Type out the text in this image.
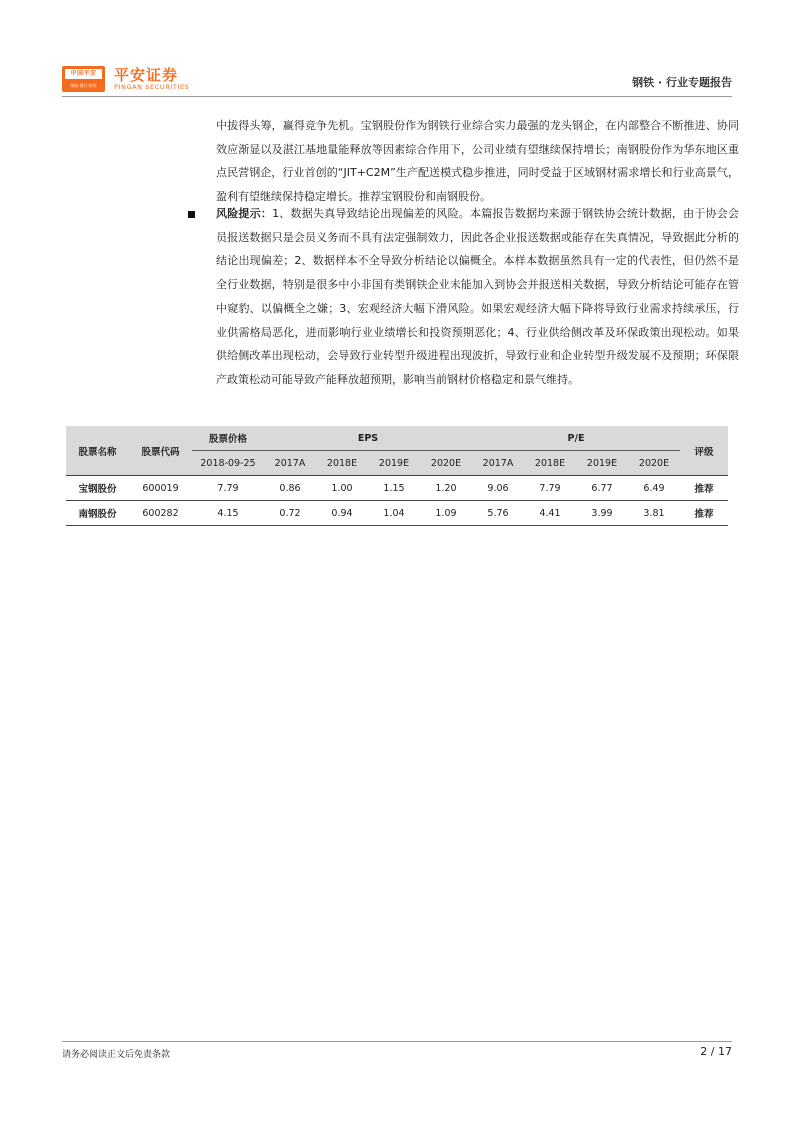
中国平安
保险·银行·投资
平安证券
PINGAN SECURITIES	钢铁 · 行业专题报告
中拔得头筹，赢得竞争先机。宝钢股份作为钢铁行业综合实力最强的龙头钢企，在内部整合不断推进、协同效应渐显以及湛江基地量能释放等因素综合作用下，公司业绩有望继续保持增长；南钢股份作为华东地区重点民营钢企，行业首创的“JIT+C2M”生产配送模式稳步推进，同时受益于区域钢材需求增长和行业高景气，盈利有望继续保持稳定增长。推荐宝钢股份和南钢股份。
风险提示：1、数据失真导致结论出现偏差的风险。本篇报告数据均来源于钢铁协会统计数据，由于协会会员报送数据只是会员义务而不具有法定强制效力，因此各企业报送数据或能存在失真情况，导致据此分析的结论出现偏差；2、数据样本不全导致分析结论以偏概全。本样本数据虽然具有一定的代表性，但仍然不是全行业数据，特别是很多中小非国有类钢铁企业未能加入到协会并报送相关数据，导致分析结论可能存在管中窥豹、以偏概全之嫌；3、宏观经济大幅下滑风险。如果宏观经济大幅下降将导致行业需求持续承压，行业供需格局恶化，进而影响行业业绩增长和投资预期恶化；4、行业供给侧改革及环保政策出现松动。如果供给侧改革出现松动，会导致行业转型升级进程出现波折，导致行业和企业转型升级发展不及预期；环保限产政策松动可能导致产能释放超预期，影响当前钢材价格稳定和景气维持。
股票名称	股票代码	股票价格	EPS				P/E				评级
		2018-09-25	2017A	2018E	2019E	2020E	2017A	2018E	2019E	2020E	
宝钢股份	600019	7.79	0.86	1.00	1.15	1.20	9.06	7.79	6.77	6.49	推荐
南钢股份	600282	4.15	0.72	0.94	1.04	1.09	5.76	4.41	3.99	3.81	推荐
请务必阅读正文后免责条款	2 / 17
